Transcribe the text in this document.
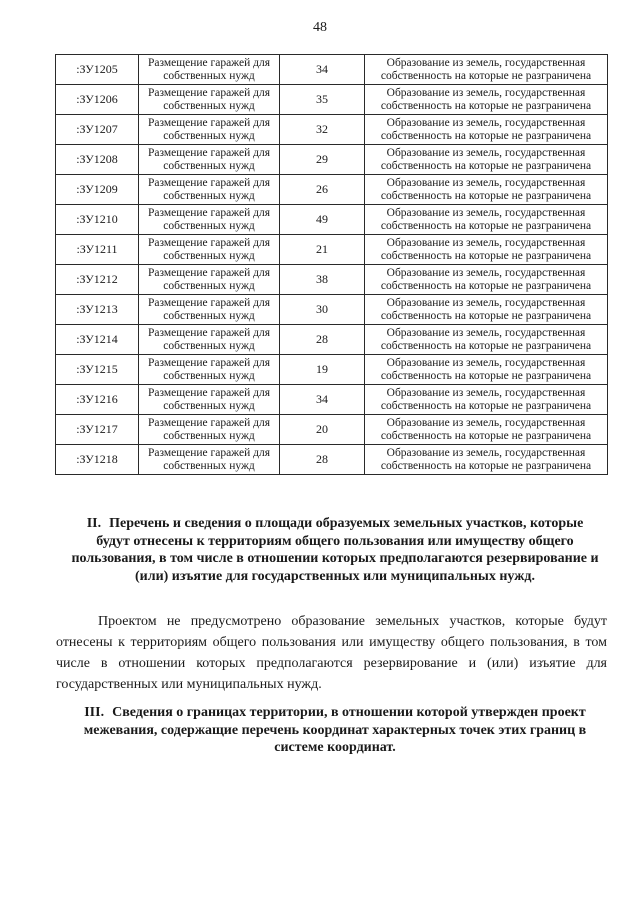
48
:ЗУ1205	Размещение гаражей для собственных нужд	34	Образование из земель, государственная собственность на которые не разграничена
:ЗУ1206	Размещение гаражей для собственных нужд	35	Образование из земель, государственная собственность на которые не разграничена
:ЗУ1207	Размещение гаражей для собственных нужд	32	Образование из земель, государственная собственность на которые не разграничена
:ЗУ1208	Размещение гаражей для собственных нужд	29	Образование из земель, государственная собственность на которые не разграничена
:ЗУ1209	Размещение гаражей для собственных нужд	26	Образование из земель, государственная собственность на которые не разграничена
:ЗУ1210	Размещение гаражей для собственных нужд	49	Образование из земель, государственная собственность на которые не разграничена
:ЗУ1211	Размещение гаражей для собственных нужд	21	Образование из земель, государственная собственность на которые не разграничена
:ЗУ1212	Размещение гаражей для собственных нужд	38	Образование из земель, государственная собственность на которые не разграничена
:ЗУ1213	Размещение гаражей для собственных нужд	30	Образование из земель, государственная собственность на которые не разграничена
:ЗУ1214	Размещение гаражей для собственных нужд	28	Образование из земель, государственная собственность на которые не разграничена
:ЗУ1215	Размещение гаражей для собственных нужд	19	Образование из земель, государственная собственность на которые не разграничена
:ЗУ1216	Размещение гаражей для собственных нужд	34	Образование из земель, государственная собственность на которые не разграничена
:ЗУ1217	Размещение гаражей для собственных нужд	20	Образование из земель, государственная собственность на которые не разграничена
:ЗУ1218	Размещение гаражей для собственных нужд	28	Образование из земель, государственная собственность на которые не разграничена
II. Перечень и сведения о площади образуемых земельных участков, которые будут отнесены к территориям общего пользования или имуществу общего пользования, в том числе в отношении которых предполагаются резервирование и (или) изъятие для государственных или муниципальных нужд.
Проектом не предусмотрено образование земельных участков, которые будут отнесены к территориям общего пользования или имуществу общего пользования, в том числе в отношении которых предполагаются резервирование и (или) изъятие для государственных или муниципальных нужд.
III. Сведения о границах территории, в отношении которой утвержден проект межевания, содержащие перечень координат характерных точек этих границ в системе координат.
